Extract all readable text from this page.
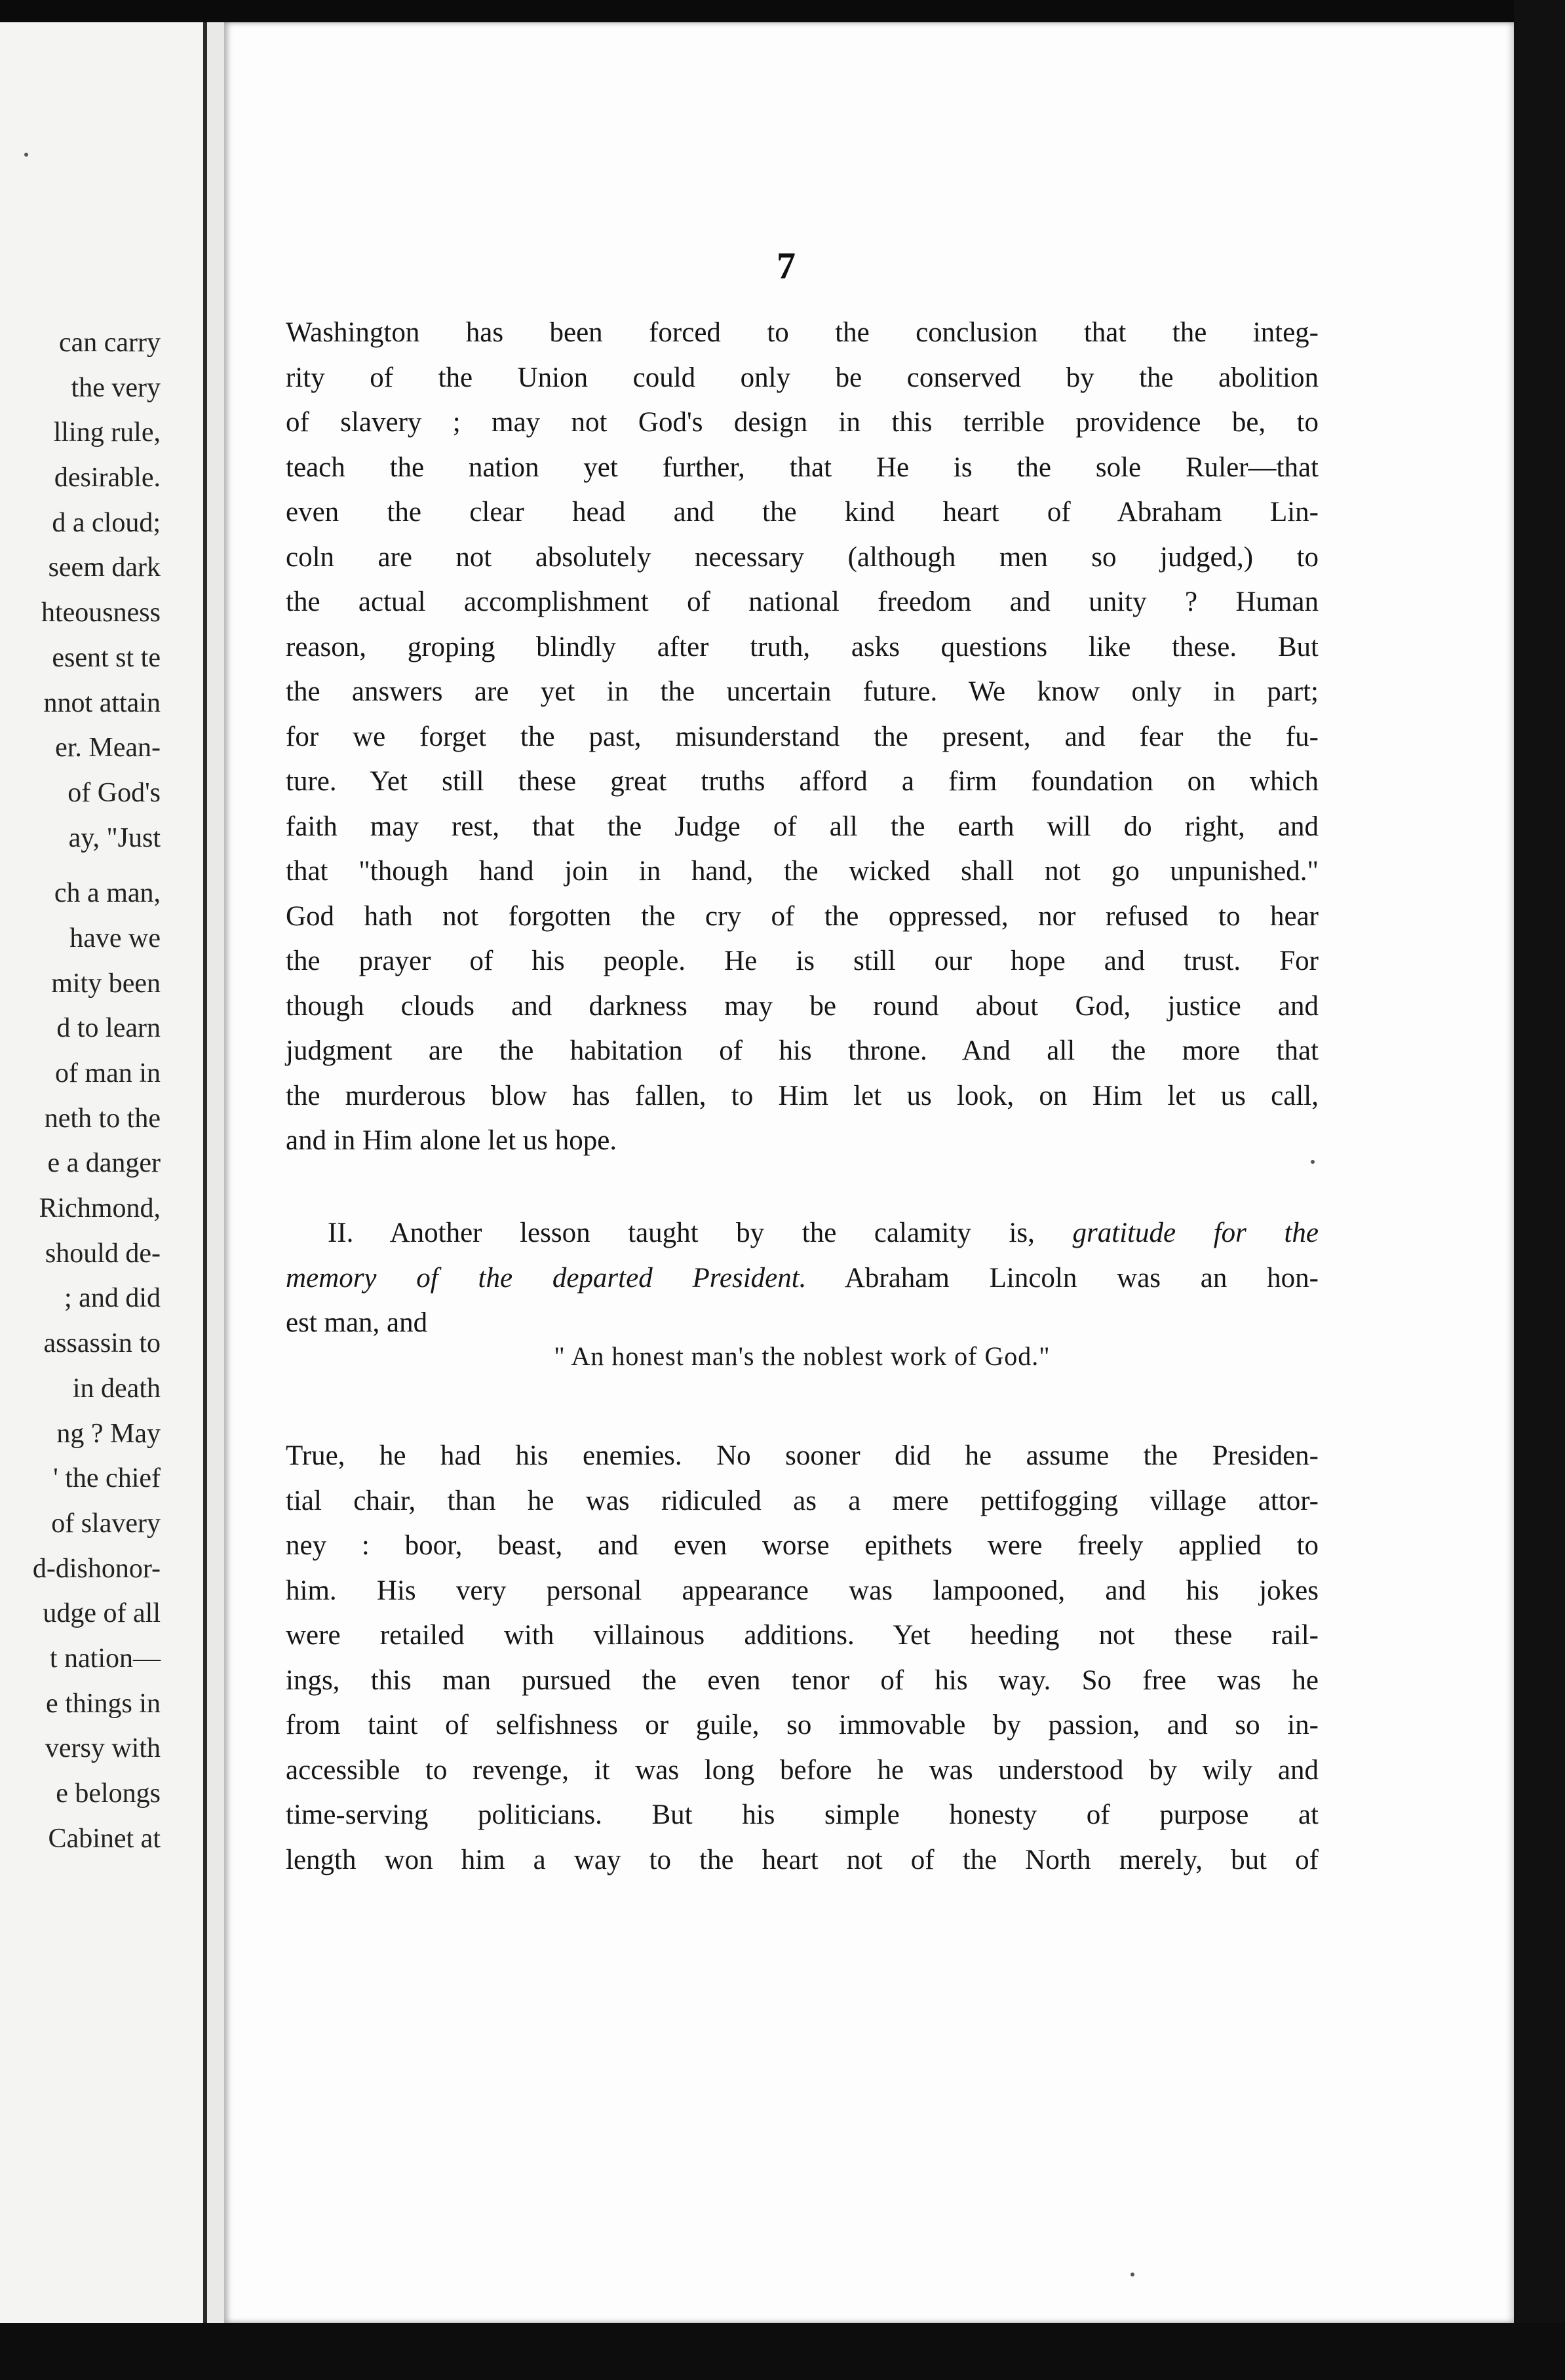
can carry
the very
lling rule,
desirable.
d a cloud;
seem dark
hteousness
esent st te
nnot attain
er. Mean-
of God's
ay, "Just
ch a man,
have we
mity been
d to learn
of man in
neth to the
e a danger
Richmond,
should de-
; and did
assassin to
in death
ng ? May
' the chief
of slavery
d-dishonor-
udge of all
t nation—
e things in
versy with
e belongs
Cabinet at
7
Washington has been forced to the conclusion that the integ-
rity of the Union could only be conserved by the abolition
of slavery ; may not God's design in this terrible providence be, to
teach the nation yet further, that He is the sole Ruler—that
even the clear head and the kind heart of Abraham Lin-
coln are not absolutely necessary (although men so judged,) to
the actual accomplishment of national freedom and unity ? Human
reason, groping blindly after truth, asks questions like these. But
the answers are yet in the uncertain future. We know only in part;
for we forget the past, misunderstand the present, and fear the fu-
ture. Yet still these great truths afford a firm foundation on which
faith may rest, that the Judge of all the earth will do right, and
that "though hand join in hand, the wicked shall not go unpunished."
God hath not forgotten the cry of the oppressed, nor refused to hear
the prayer of his people. He is still our hope and trust. For
though clouds and darkness may be round about God, justice and
judgment are the habitation of his throne. And all the more that
the murderous blow has fallen, to Him let us look, on Him let us call,
and in Him alone let us hope.
II. Another lesson taught by the calamity is, gratitude for the
memory of the departed President. Abraham Lincoln was an hon-
est man, and
" An honest man's the noblest work of God."
True, he had his enemies. No sooner did he assume the Presiden-
tial chair, than he was ridiculed as a mere pettifogging village attor-
ney : boor, beast, and even worse epithets were freely applied to
him. His very personal appearance was lampooned, and his jokes
were retailed with villainous additions. Yet heeding not these rail-
ings, this man pursued the even tenor of his way. So free was he
from taint of selfishness or guile, so immovable by passion, and so in-
accessible to revenge, it was long before he was understood by wily and
time-serving politicians. But his simple honesty of purpose at
length won him a way to the heart not of the North merely, but of
